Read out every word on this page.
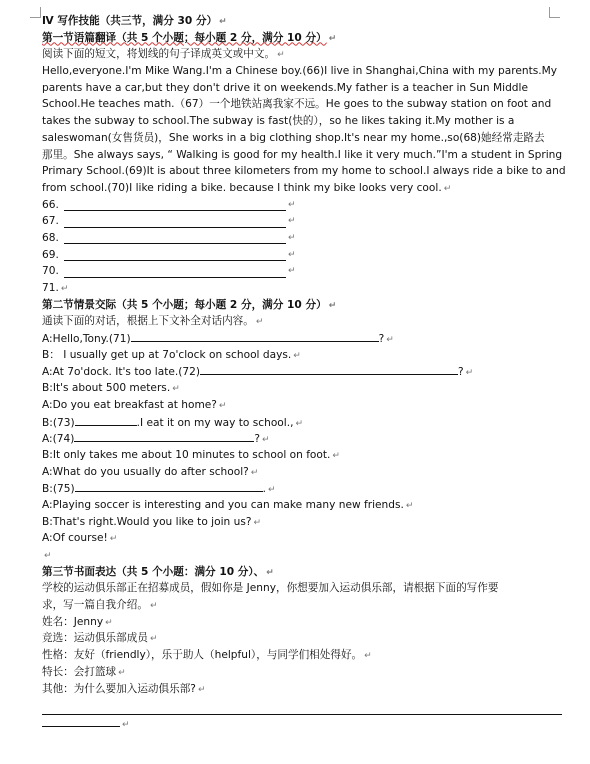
Ⅳ 写作技能（共三节，满分 30 分） ↵
第一节语篇翻译（共 5 个小题；每小题 2 分，满分 10 分） ↵
阅读下面的短文，将划线的句子译成英文或中文。 ↵
Hello,everyone.I'm Mike Wang.I'm a Chinese boy.(66)I live in Shanghai,China with my parents.My
parents have a car,but they don't drive it on weekends.My father is a teacher in Sun Middle
School.He teaches math.（67）一个地铁站离我家不远。He goes to the subway station on foot and
takes the subway to school.The subway is fast(快的），so he likes taking it.My mother is a
saleswoman(女售货员)，She works in a big clothing shop.It's near my home.,so(68)她经常走路去
那里。She always says, “ Walking is good for my health.I like it very much.”I'm a student in Spring
Primary School.(69)It is about three kilometers from my home to school.I always ride a bike to and
from school.(70)I like riding a bike. because I think my bike looks very cool. ↵
66.	↵
67.	↵
68.	↵
69.	↵
70.	↵
71. ↵
第二节情景交际（共 5 个小题；每小题 2 分，满分 10 分） ↵
通读下面的对话，根据上下文补全对话内容。 ↵
A:Hello,Tony.(71)	? ↵
B： I usually get up at 7o'clock on school days. ↵
A:At 7o'dock. It's too late.(72)	? ↵
B:It's about 500 meters. ↵
A:Do you eat breakfast at home? ↵
B:(73)	.I eat it on my way to school., ↵
A:(74)	? ↵
B:It only takes me about 10 minutes to school on foot. ↵
A:What do you usually do after school? ↵
B:(75)	. ↵
A:Playing soccer is interesting and you can make many new friends. ↵
B:That's right.Would you like to join us? ↵
A:Of course! ↵
↵
第三节书面表达（共 5 个小题：满分 10 分）、 ↵
学校的运动俱乐部正在招募成员，假如你是 Jenny，你想要加入运动俱乐部，请根据下面的写作要
求，写一篇自我介绍。 ↵
姓名：Jenny ↵
竞选：运动俱乐部成员 ↵
性格：友好（friendly），乐于助人（helpful），与同学们相处得好。 ↵
特长：会打篮球 ↵
其他：为什么要加入运动俱乐部? ↵
↵
